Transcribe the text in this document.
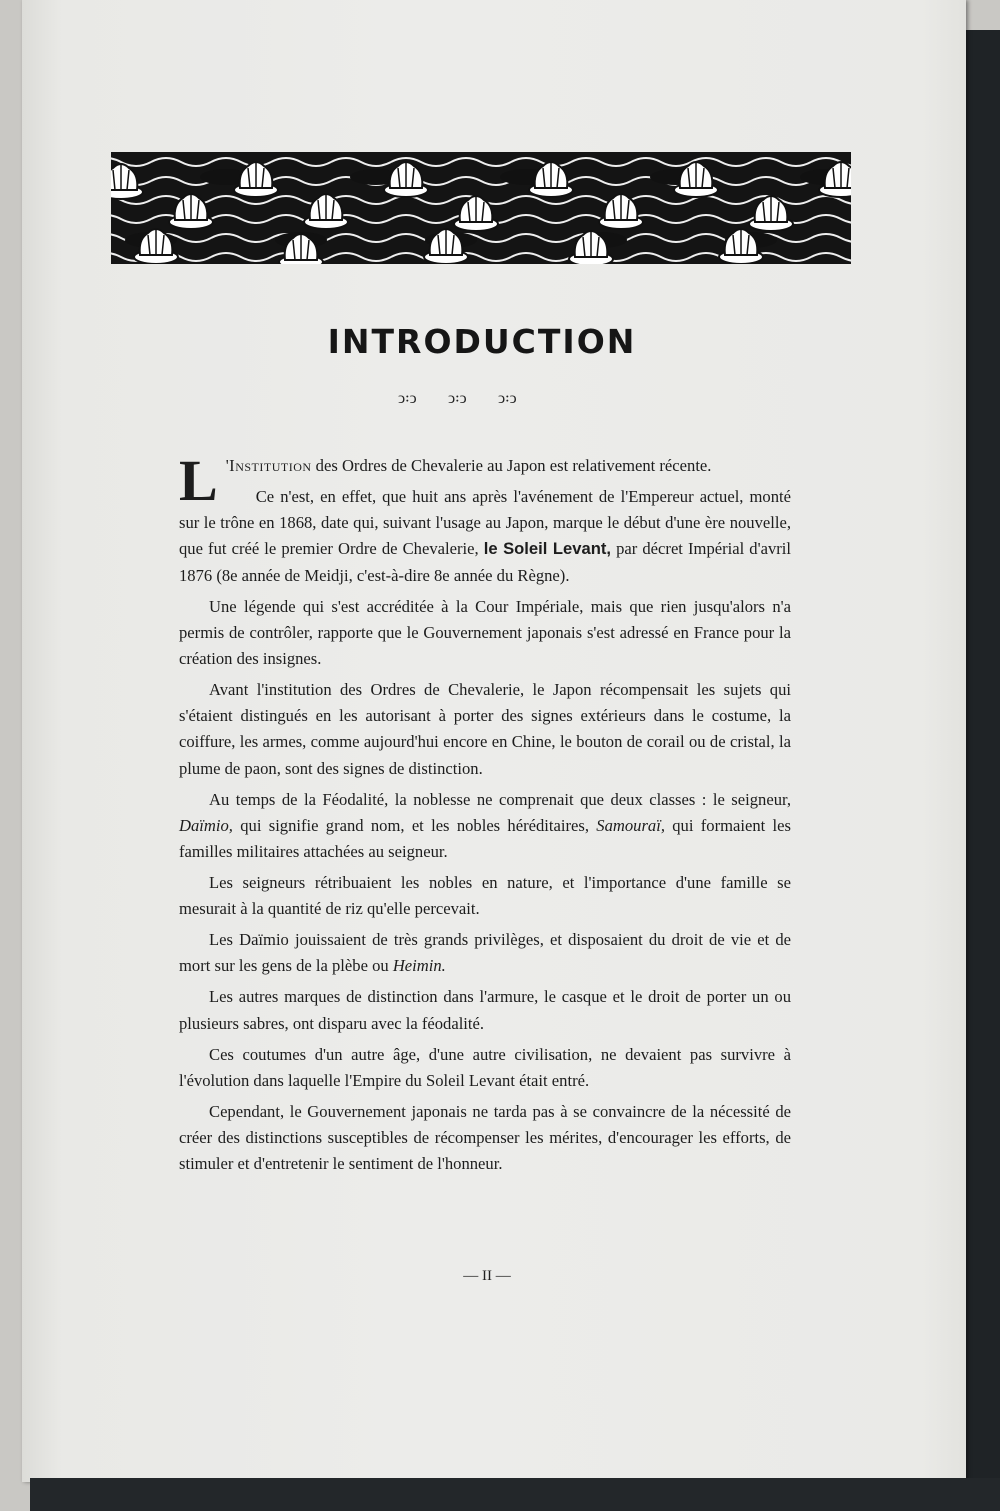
INTRODUCTION
ↄ꞉ↄ ↄ꞉ↄ ↄ꞉ↄ

L 'Institution des Ordres de Chevalerie au Japon est relativement récente.

Ce n'est, en effet, que huit ans après l'avénement de l'Empereur actuel, monté sur le trône en 1868, date qui, suivant l'usage au Japon, marque le début d'une ère nouvelle, que fut créé le premier Ordre de Chevalerie, le Soleil Levant, par décret Impérial d'avril 1876 (8e année de Meidji, c'est-à-dire 8e année du Règne).

Une légende qui s'est accréditée à la Cour Impériale, mais que rien jusqu'alors n'a permis de contrôler, rapporte que le Gouvernement japonais s'est adressé en France pour la création des insignes.

Avant l'institution des Ordres de Chevalerie, le Japon récompensait les sujets qui s'étaient distingués en les autorisant à porter des signes extérieurs dans le costume, la coiffure, les armes, comme aujourd'hui encore en Chine, le bouton de corail ou de cristal, la plume de paon, sont des signes de distinction.

Au temps de la Féodalité, la noblesse ne comprenait que deux classes : le seigneur, Daïmio, qui signifie grand nom, et les nobles héréditaires, Samouraï, qui formaient les familles militaires attachées au seigneur.

Les seigneurs rétribuaient les nobles en nature, et l'importance d'une famille se mesurait à la quantité de riz qu'elle percevait.

Les Daïmio jouissaient de très grands privilèges, et disposaient du droit de vie et de mort sur les gens de la plèbe ou Heimin.

Les autres marques de distinction dans l'armure, le casque et le droit de porter un ou plusieurs sabres, ont disparu avec la féodalité.

Ces coutumes d'un autre âge, d'une autre civilisation, ne devaient pas survivre à l'évolution dans laquelle l'Empire du Soleil Levant était entré.

Cependant, le Gouvernement japonais ne tarda pas à se convaincre de la nécessité de créer des distinctions susceptibles de récompenser les mérites, d'encourager les efforts, de stimuler et d'entretenir le sentiment de l'honneur.

— II —
